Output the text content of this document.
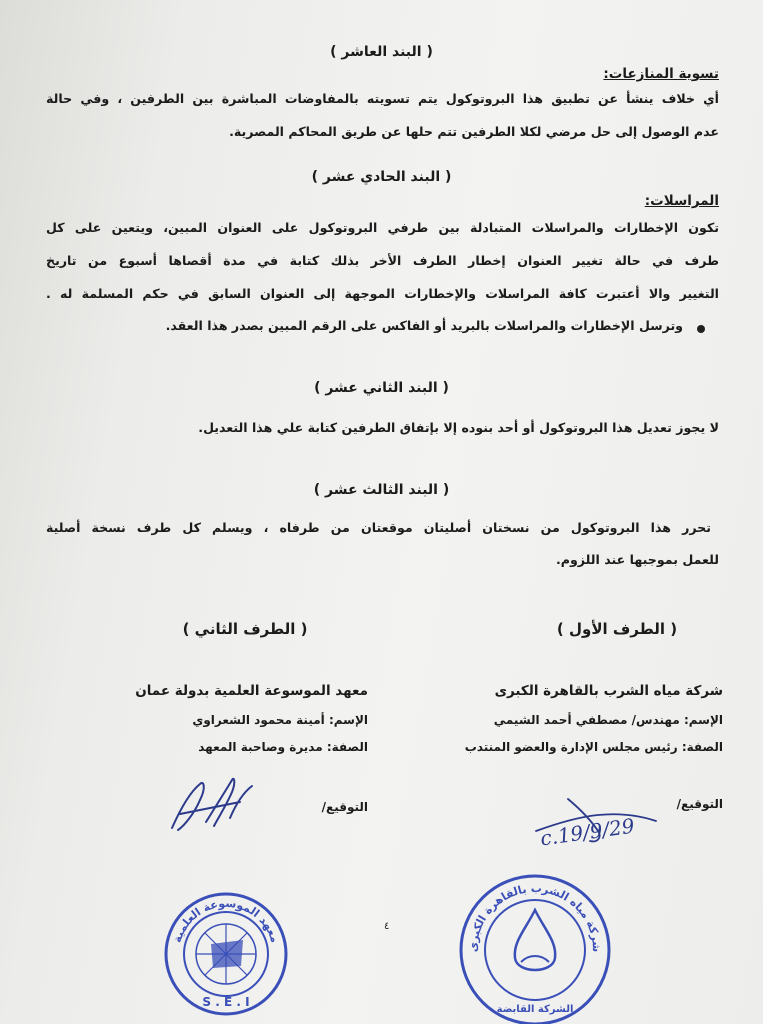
( البند العاشر )
تسوية المنازعات:
أي خلاف ينشأ عن تطبيق هذا البروتوكول يتم تسويته بالمفاوضات المباشرة بين الطرفين ، وفي حالة
عدم الوصول إلى حل مرضي لكلا الطرفين تتم حلها عن طريق المحاكم المصرية.
( البند الحادي عشر )
المراسلات:
تكون الإخطارات والمراسلات المتبادلة بين طرفي البروتوكول على العنوان المبين، ويتعين على كل
طرف في حالة تغيير العنوان إخطار الطرف الأخر بذلك كتابة في مدة أقصاها أسبوع من تاريخ
التغيير والا أعتبرت كافة المراسلات والإخطارات الموجهة إلى العنوان السابق في حكم المسلمة له .
وترسل الإخطارات والمراسلات بالبريد أو الفاكس على الرقم المبين بصدر هذا العقد.
( البند الثاني عشر )
لا يجوز تعديل هذا البروتوكول أو أحد بنوده إلا بإتفاق الطرفين كتابة علي هذا التعديل.
( البند الثالث عشر )
تحرر هذا البروتوكول من نسختان أصليتان موقعتان من طرفاه ، ويسلم كل طرف نسخة أصلية
للعمل بموجبها عند اللزوم.
( الطرف الأول )
( الطرف الثاني )
شركة مياه الشرب بالقاهرة الكبرى
الإسم: مهندس/ مصطفي أحمد الشيمي
الصفة: رئيس مجلس الإدارة والعضو المنتدب
التوقيع/
معهد الموسوعة العلمية بدولة عمان
الإسم: أمينة محمود الشعراوي
الصفة: مديرة وصاحبة المعهد
التوقيع/
c.19/9/29
٤
معهد الموسوعة العلمية
S . E . I
شركة مياه الشرب بالقاهرة الكبرى
الشركة القابضة
